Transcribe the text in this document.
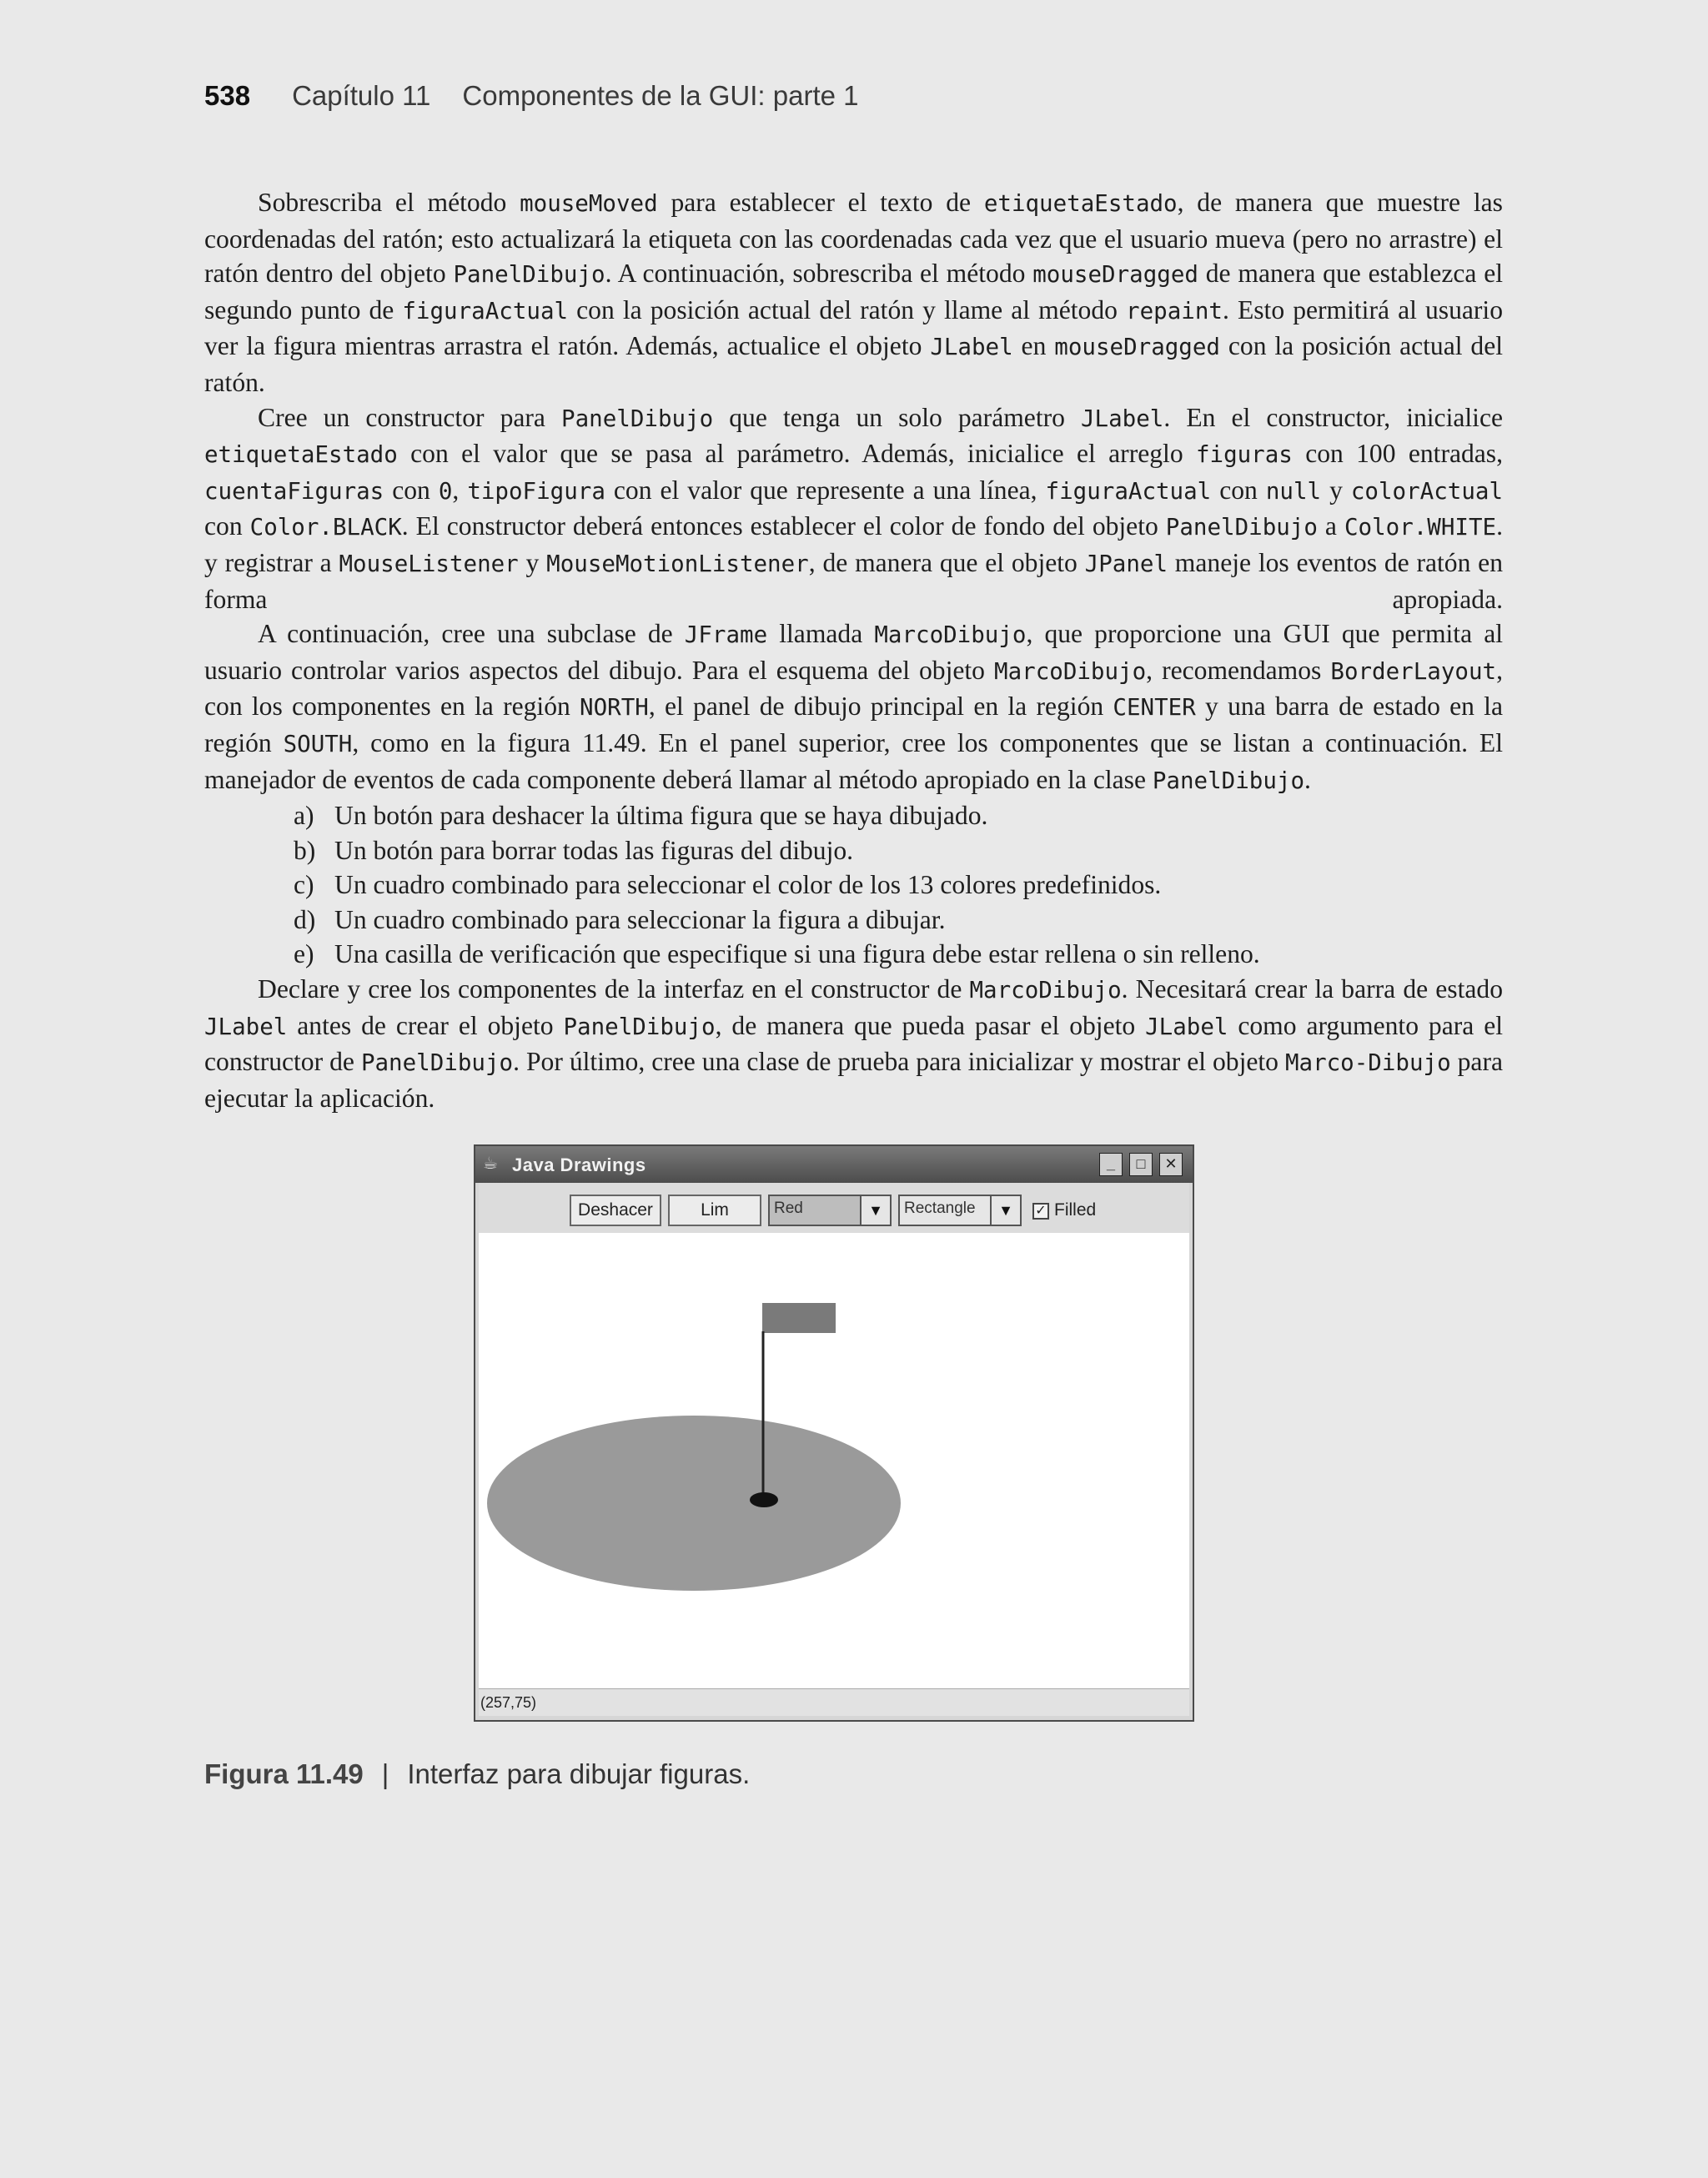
538 Capítulo 11 Componentes de la GUI: parte 1

Sobrescriba el método mouseMoved para establecer el texto de etiquetaEstado, de manera que muestre las coordenadas del ratón; esto actualizará la etiqueta con las coordenadas cada vez que el usuario mueva (pero no arrastre) el ratón dentro del objeto PanelDibujo. A continuación, sobrescriba el método mouseDragged de manera que establezca el segundo punto de figuraActual con la posición actual del ratón y llame al método repaint. Esto permitirá al usuario ver la figura mientras arrastra el ratón. Además, actualice el objeto JLabel en mouseDragged con la posición actual del ratón.

Cree un constructor para PanelDibujo que tenga un solo parámetro JLabel. En el constructor, inicialice etiquetaEstado con el valor que se pasa al parámetro. Además, inicialice el arreglo figuras con 100 entradas, cuentaFiguras con 0, tipoFigura con el valor que represente a una línea, figuraActual con null y colorActual con Color.BLACK. El constructor deberá entonces establecer el color de fondo del objeto PanelDibujo a Color.WHITE. y registrar a MouseListener y MouseMotionListener, de manera que el objeto JPanel maneje los eventos de ratón en forma apropiada.

A continuación, cree una subclase de JFrame llamada MarcoDibujo, que proporcione una GUI que permita al usuario controlar varios aspectos del dibujo. Para el esquema del objeto MarcoDibujo, recomendamos BorderLayout, con los componentes en la región NORTH, el panel de dibujo principal en la región CENTER y una barra de estado en la región SOUTH, como en la figura 11.49. En el panel superior, cree los componentes que se listan a continuación. El manejador de eventos de cada componente deberá llamar al método apropiado en la clase PanelDibujo.

a) Un botón para deshacer la última figura que se haya dibujado.
b) Un botón para borrar todas las figuras del dibujo.
c) Un cuadro combinado para seleccionar el color de los 13 colores predefinidos.
d) Un cuadro combinado para seleccionar la figura a dibujar.
e) Una casilla de verificación que especifique si una figura debe estar rellena o sin relleno.

Declare y cree los componentes de la interfaz en el constructor de MarcoDibujo. Necesitará crear la barra de estado JLabel antes de crear el objeto PanelDibujo, de manera que pueda pasar el objeto JLabel como argumento para el constructor de PanelDibujo. Por último, cree una clase de prueba para inicializar y mostrar el objeto Marco-Dibujo para ejecutar la aplicación.

☕ Java Drawings	_	□	✕
Deshacer	Lim	Red	▼	Rectangle	▼	✓ Filled
(257,75)
Figura 11.49 | Interfaz para dibujar figuras.
